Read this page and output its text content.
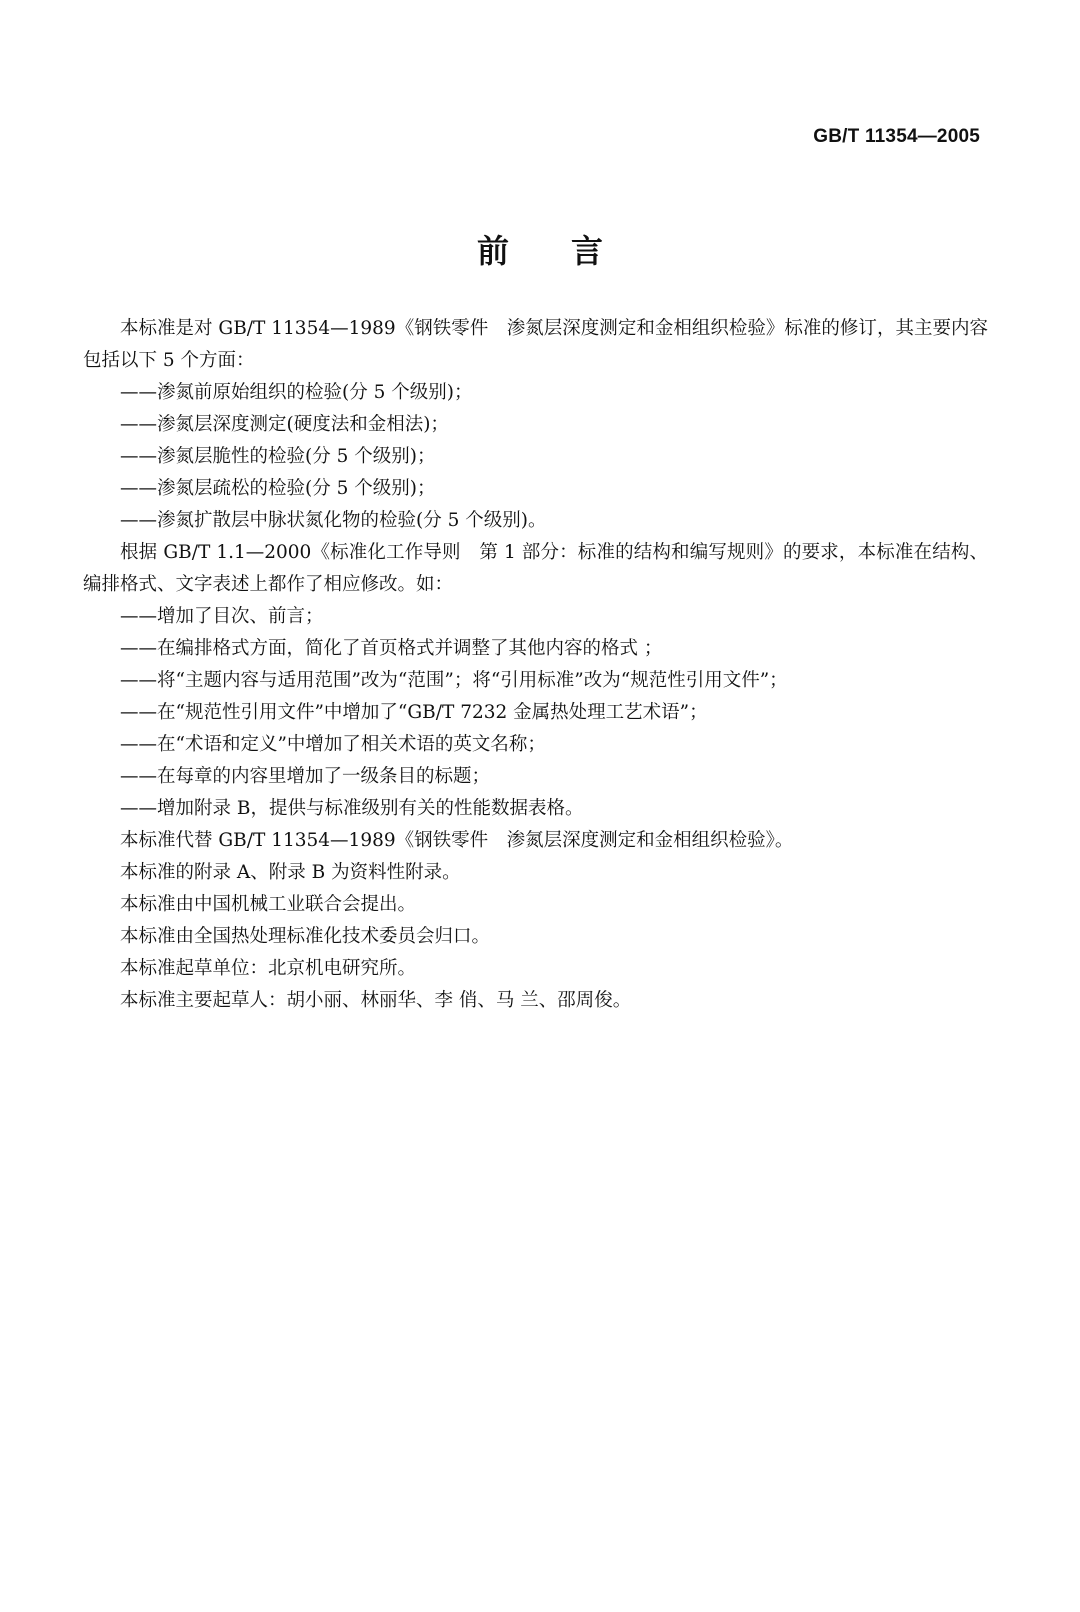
GB/T 11354—2005
前 言

本标准是对 GB/T 11354—1989《钢铁零件　渗氮层深度测定和金相组织检验》标准的修订，其主要内容包括以下 5 个方面：

——渗氮前原始组织的检验(分 5 个级别)；

——渗氮层深度测定(硬度法和金相法)；

——渗氮层脆性的检验(分 5 个级别)；

——渗氮层疏松的检验(分 5 个级别)；

——渗氮扩散层中脉状氮化物的检验(分 5 个级别)。

根据 GB/T 1.1—2000《标准化工作导则　第 1 部分：标准的结构和编写规则》的要求，本标准在结构、编排格式、文字表述上都作了相应修改。如：

——增加了目次、前言；

——在编排格式方面，简化了首页格式并调整了其他内容的格式 ；

——将“主题内容与适用范围”改为“范围”；将“引用标准”改为“规范性引用文件”；

——在“规范性引用文件”中增加了“GB/T 7232 金属热处理工艺术语”；

——在“术语和定义”中增加了相关术语的英文名称；

——在每章的内容里增加了一级条目的标题；

——增加附录 B，提供与标准级别有关的性能数据表格。

本标准代替 GB/T 11354—1989《钢铁零件　渗氮层深度测定和金相组织检验》。

本标准的附录 A、附录 B 为资料性附录。

本标准由中国机械工业联合会提出。

本标准由全国热处理标准化技术委员会归口。

本标准起草单位：北京机电研究所。

本标准主要起草人：胡小丽、林丽华、李 俏、马 兰、邵周俊。
